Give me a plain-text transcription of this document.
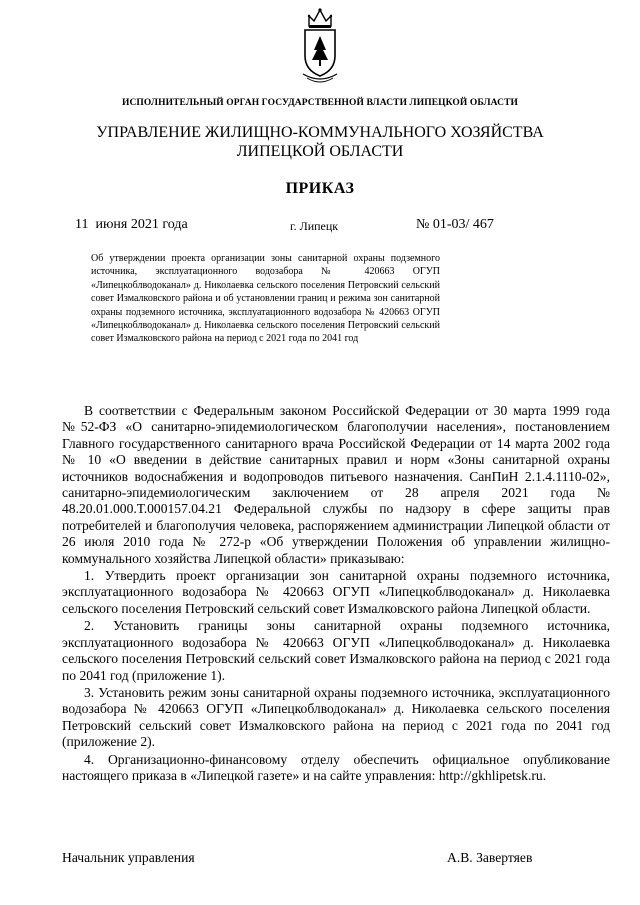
ИСПОЛНИТЕЛЬНЫЙ ОРГАН ГОСУДАРСТВЕННОЙ ВЛАСТИ ЛИПЕЦКОЙ ОБЛАСТИ
УПРАВЛЕНИЕ ЖИЛИЩНО-КОММУНАЛЬНОГО ХОЗЯЙСТВА
ЛИПЕЦКОЙ ОБЛАСТИ
ПРИКАЗ
11  июня 2021 года	г. Липецк	№ 01-03/ 467
Об утверждении проекта организации зоны санитарной охраны подземного источника, эксплуатационного водозабора № 420663 ОГУП «Липецкоблводоканал» д. Николаевка сельского поселения Петровский сельский совет Измалковского района и об установлении границ и режима зон санитарной охраны подземного источника, эксплуатационного водозабора № 420663 ОГУП «Липецкоблводоканал» д. Николаевка сельского поселения Петровский сельский совет Измалковского района на период с 2021 года по 2041 год

В соответствии с Федеральным законом Российской Федерации от 30 марта 1999 года №52-ФЗ «О санитарно-эпидемиологическом благополучии населения», постановлением Главного государственного санитарного врача Российской Федерации от 14 марта 2002 года № 10 «О введении в действие санитарных правил и норм «Зоны санитарной охраны источников водоснабжения и водопроводов питьевого назначения. СанПиН 2.1.4.1110-02», санитарно-эпидемиологическим заключением от 28 апреля 2021 года № 48.20.01.000.Т.000157.04.21 Федеральной службы по надзору в сфере защиты прав потребителей и благополучия человека, распоряжением администрации Липецкой области от 26 июля 2010 года № 272-р «Об утверждении Положения об управлении жилищно-коммунального хозяйства Липецкой области» приказываю:

1. Утвердить проект организации зон санитарной охраны подземного источника, эксплуатационного водозабора № 420663 ОГУП «Липецкоблводоканал» д. Николаевка сельского поселения Петровский сельский совет Измалковского района Липецкой области.

2. Установить границы зоны санитарной охраны подземного источника, эксплуатационного водозабора № 420663 ОГУП «Липецкоблводоканал» д. Николаевка сельского поселения Петровский сельский совет Измалковского района на период с 2021 года по 2041 год (приложение 1).

3. Установить режим зоны санитарной охраны подземного источника, эксплуатационного водозабора № 420663 ОГУП «Липецкоблводоканал» д. Николаевка сельского поселения Петровский сельский совет Измалковского района на период с 2021 года по 2041 год (приложение 2).

4. Организационно-финансовому отделу обеспечить официальное опубликование настоящего приказа в «Липецкой газете» и на сайте управления: http://gkhlipetsk.ru.

Начальник управления	А.В. Завертяев
